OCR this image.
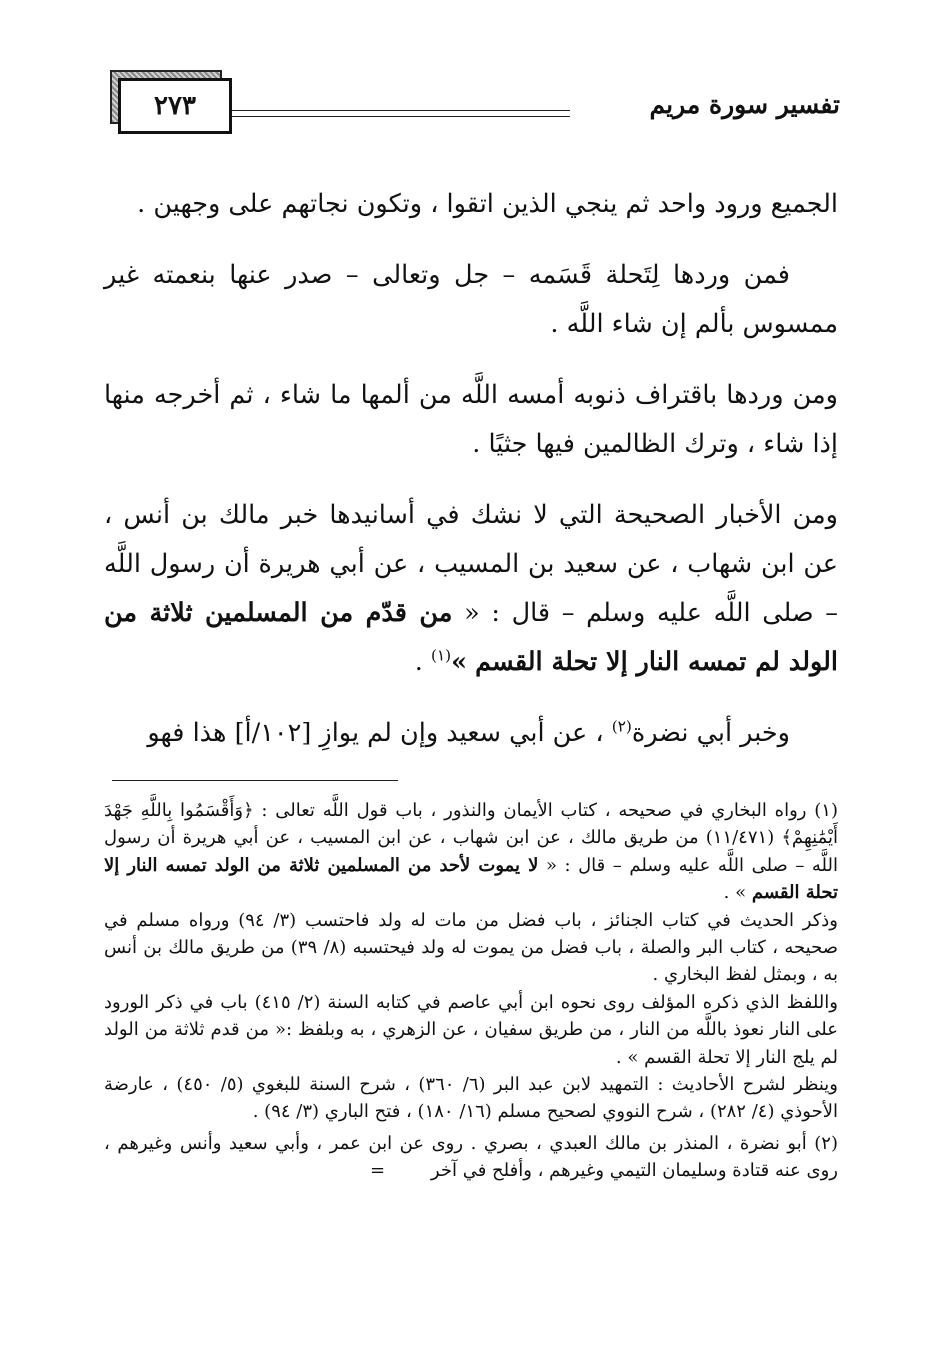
٢٧٣	تفسير سورة مريم

الجميع ورود واحد ثم ينجي الذين اتقوا ، وتكون نجاتهم على وجهين .

فمن وردها لِتَحلة قَسَمه – جل وتعالى – صدر عنها بنعمته غير ممسوس بألم إن شاء اللَّه .

ومن وردها باقتراف ذنوبه أمسه اللَّه من ألمها ما شاء ، ثم أخرجه منها إذا شاء ، وترك الظالمين فيها جثيًا .

ومن الأخبار الصحيحة التي لا نشك في أسانيدها خبر مالك بن أنس ، عن ابن شهاب ، عن سعيد بن المسيب ، عن أبي هريرة أن رسول اللَّه – صلى اللَّه عليه وسلم – قال : « من قدّم من المسلمين ثلاثة من الولد لم تمسه النار إلا تحلة القسم »$^{(١)}$ .

وخبر أبي نضرة$^{(٢)}$ ، عن أبي سعيد وإن لم يوازِ [١٠٢/أ] هذا فهو

(١) رواه البخاري في صحيحه ، كتاب الأيمان والنذور ، باب قول اللَّه تعالى : ﴿وَأَقْسَمُوا بِاللَّهِ جَهْدَ أَيْمَٰنِهِمْ﴾ (١١/٤٧١) من طريق مالك ، عن ابن شهاب ، عن ابن المسيب ، عن أبي هريرة أن رسول اللَّه – صلى اللَّه عليه وسلم – قال : « لا يموت لأحد من المسلمين ثلاثة من الولد تمسه النار إلا تحلة القسم » .

وذكر الحديث في كتاب الجنائز ، باب فضل من مات له ولد فاحتسب (٣/ ٩٤) ورواه مسلم في صحيحه ، كتاب البر والصلة ، باب فضل من يموت له ولد فيحتسبه (٨/ ٣٩) من طريق مالك بن أنس به ، وبمثل لفظ البخاري .

واللفظ الذي ذكره المؤلف روى نحوه ابن أبي عاصم في كتابه السنة (٢/ ٤١٥) باب في ذكر الورود على النار نعوذ باللَّه من النار ، من طريق سفيان ، عن الزهري ، به وبلفظ :« من قدم ثلاثة من الولد لم يلج النار إلا تحلة القسم » .

وينظر لشرح الأحاديث : التمهيد لابن عبد البر (٦/ ٣٦٠) ، شرح السنة للبغوي (٥/ ٤٥٠) ، عارضة الأحوذي (٤/ ٢٨٢) ، شرح النووي لصحيح مسلم (١٦/ ١٨٠) ، فتح الباري (٣/ ٩٤) .

(٢) أبو نضرة ، المنذر بن مالك العبدي ، بصري . روى عن ابن عمر ، وأبي سعيد وأنس وغيرهم ، روى عنه قتادة وسليمان التيمي وغيرهم ، وأفلح في آخر        =
